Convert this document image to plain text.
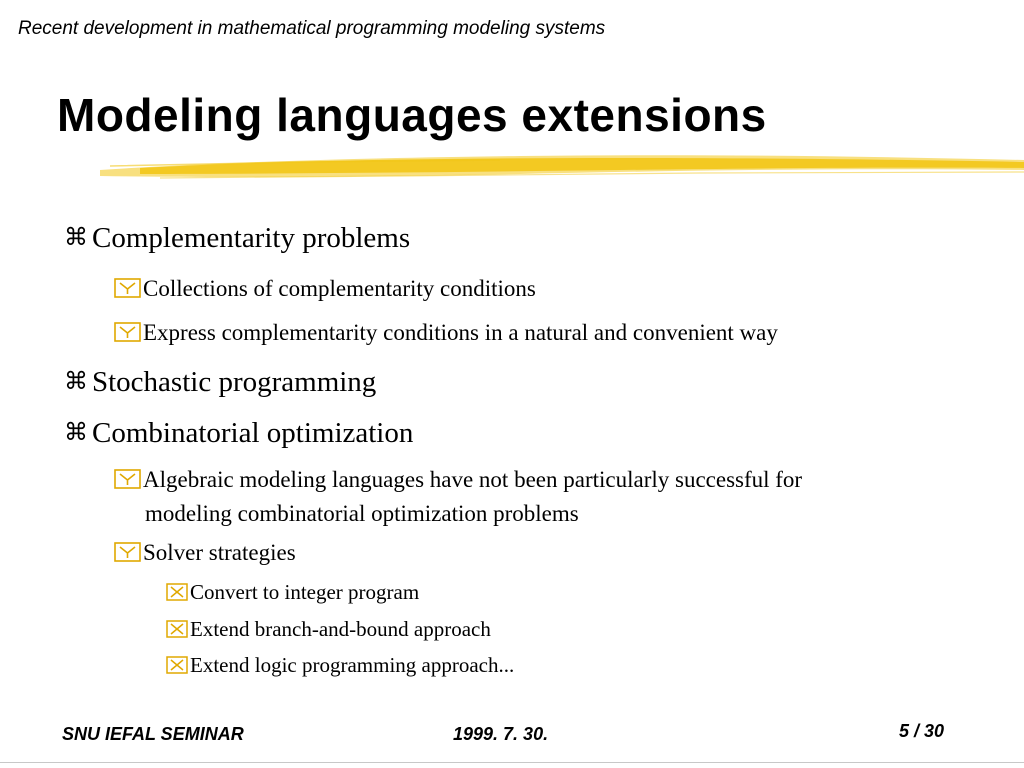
Recent development in mathematical programming modeling systems
Modeling languages extensions
⌘ Complementarity problems
Collections of complementarity conditions
Express complementarity conditions in a natural and convenient way
⌘ Stochastic programming
⌘ Combinatorial optimization
Algebraic modeling languages have not been particularly successful for
modeling combinatorial optimization problems
Solver strategies
Convert to integer program
Extend branch-and-bound approach
Extend logic programming approach...
SNU IEFAL SEMINAR	1999. 7. 30.	5 / 30
